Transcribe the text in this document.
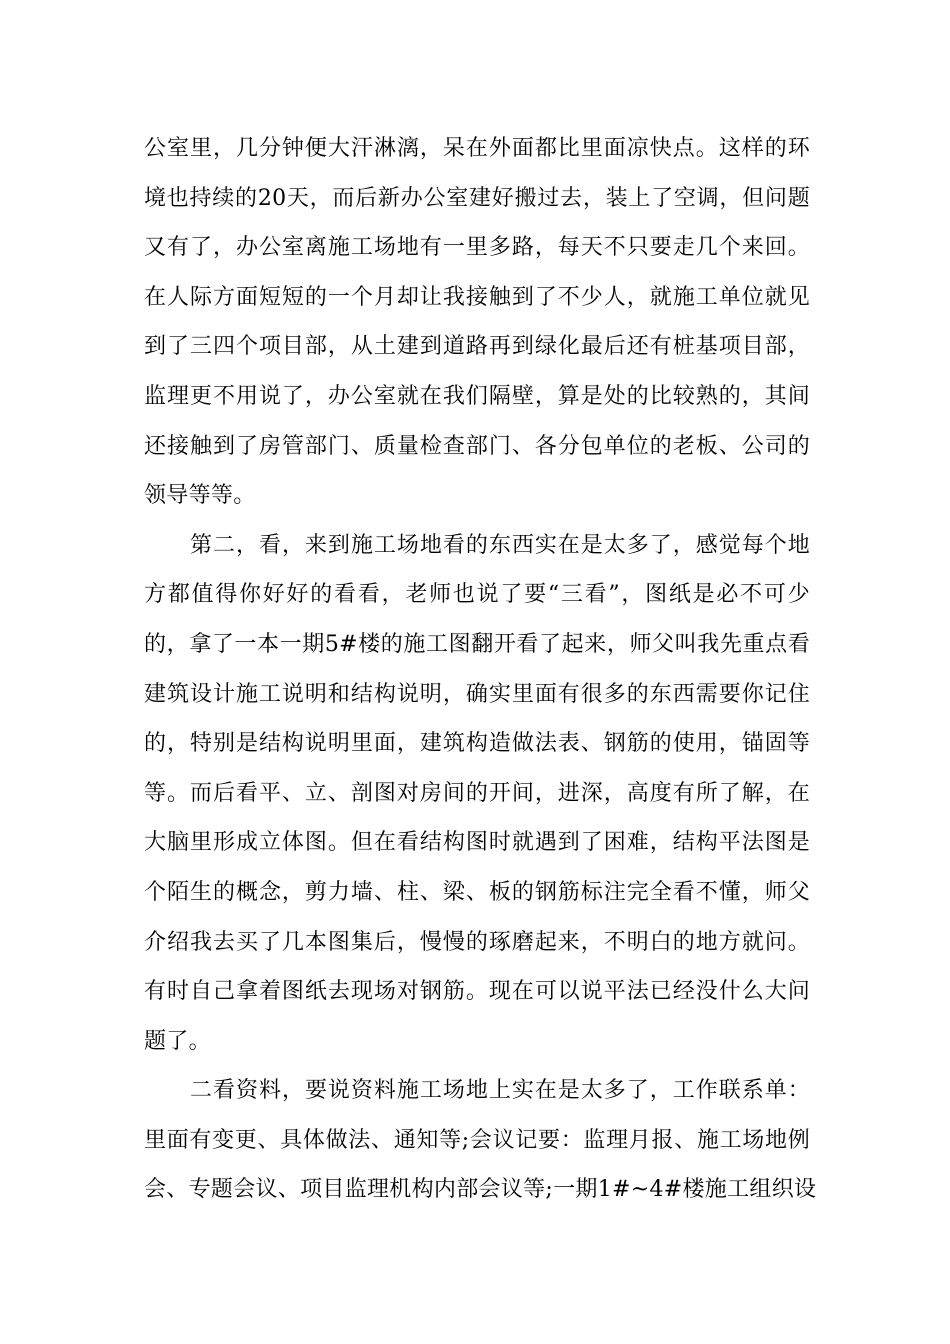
公室里，几分钟便大汗淋漓，呆在外面都比里面凉快点。这样的环
境也持续的20天，而后新办公室建好搬过去，装上了空调，但问题
又有了，办公室离施工场地有一里多路，每天不只要走几个来回。
在人际方面短短的一个月却让我接触到了不少人，就施工单位就见
到了三四个项目部，从土建到道路再到绿化最后还有桩基项目部，
监理更不用说了，办公室就在我们隔壁，算是处的比较熟的，其间
还接触到了房管部门、质量检查部门、各分包单位的老板、公司的
领导等等。
第二，看，来到施工场地看的东西实在是太多了，感觉每个地
方都值得你好好的看看，老师也说了要“三看”，图纸是必不可少
的，拿了一本一期5#楼的施工图翻开看了起来，师父叫我先重点看
建筑设计施工说明和结构说明，确实里面有很多的东西需要你记住
的，特别是结构说明里面，建筑构造做法表、钢筋的使用，锚固等
等。而后看平、立、剖图对房间的开间，进深，高度有所了解，在
大脑里形成立体图。但在看结构图时就遇到了困难，结构平法图是
个陌生的概念，剪力墙、柱、梁、板的钢筋标注完全看不懂，师父
介绍我去买了几本图集后，慢慢的琢磨起来，不明白的地方就问。
有时自己拿着图纸去现场对钢筋。现在可以说平法已经没什么大问
题了。
二看资料，要说资料施工场地上实在是太多了，工作联系单：
里面有变更、具体做法、通知等;会议记要：监理月报、施工场地例
会、专题会议、项目监理机构内部会议等;一期1#~4#楼施工组织设
